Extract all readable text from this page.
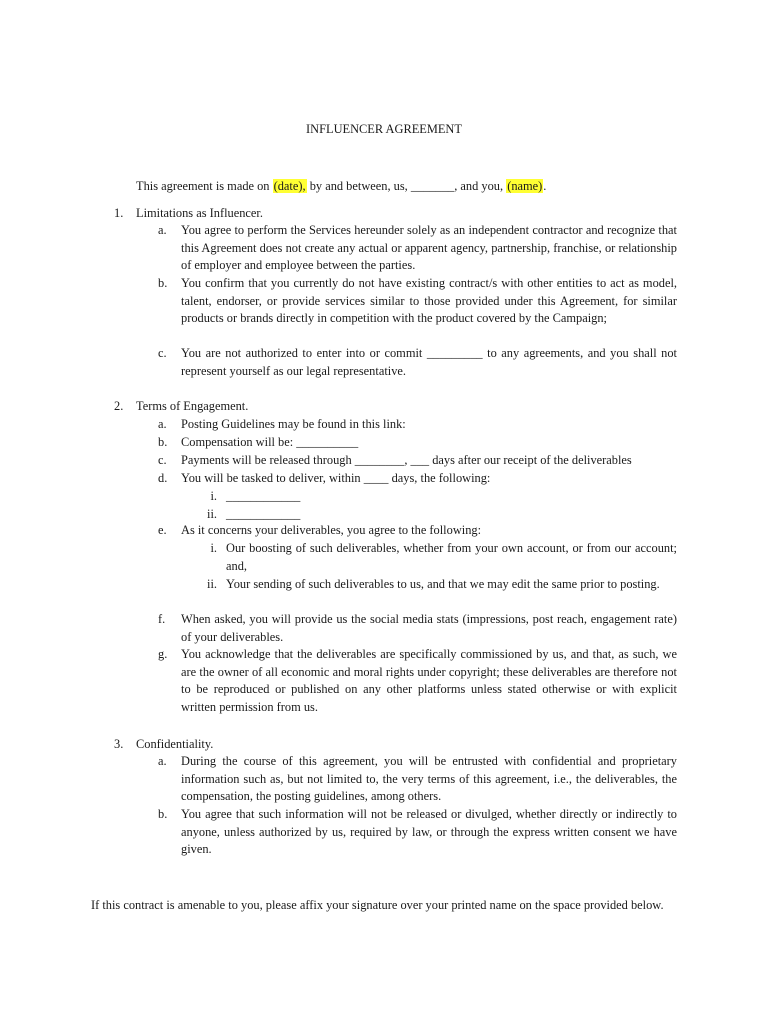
INFLUENCER AGREEMENT
This agreement is made on (date), by and between, us, _______, and you, (name).
1. Limitations as Influencer.
a. You agree to perform the Services hereunder solely as an independent contractor and recognize that this Agreement does not create any actual or apparent agency, partnership, franchise, or relationship of employer and employee between the parties.
b. You confirm that you currently do not have existing contract/s with other entities to act as model, talent, endorser, or provide services similar to those provided under this Agreement, for similar products or brands directly in competition with the product covered by the Campaign;
c. You are not authorized to enter into or commit _________ to any agreements, and you shall not represent yourself as our legal representative.
2. Terms of Engagement.
a. Posting Guidelines may be found in this link:
b. Compensation will be: __________
c. Payments will be released through ________, ___ days after our receipt of the deliverables
d. You will be tasked to deliver, within ____ days, the following:
i. ____________
ii. ____________
e. As it concerns your deliverables, you agree to the following:
i. Our boosting of such deliverables, whether from your own account, or from our account; and,
ii. Your sending of such deliverables to us, and that we may edit the same prior to posting.
f. When asked, you will provide us the social media stats (impressions, post reach, engagement rate) of your deliverables.
g. You acknowledge that the deliverables are specifically commissioned by us, and that, as such, we are the owner of all economic and moral rights under copyright; these deliverables are therefore not to be reproduced or published on any other platforms unless stated otherwise or with explicit written permission from us.
3. Confidentiality.
a. During the course of this agreement, you will be entrusted with confidential and proprietary information such as, but not limited to, the very terms of this agreement, i.e., the deliverables, the compensation, the posting guidelines, among others.
b. You agree that such information will not be released or divulged, whether directly or indirectly to anyone, unless authorized by us, required by law, or through the express written consent we have given.
If this contract is amenable to you, please affix your signature over your printed name on the space provided below.
